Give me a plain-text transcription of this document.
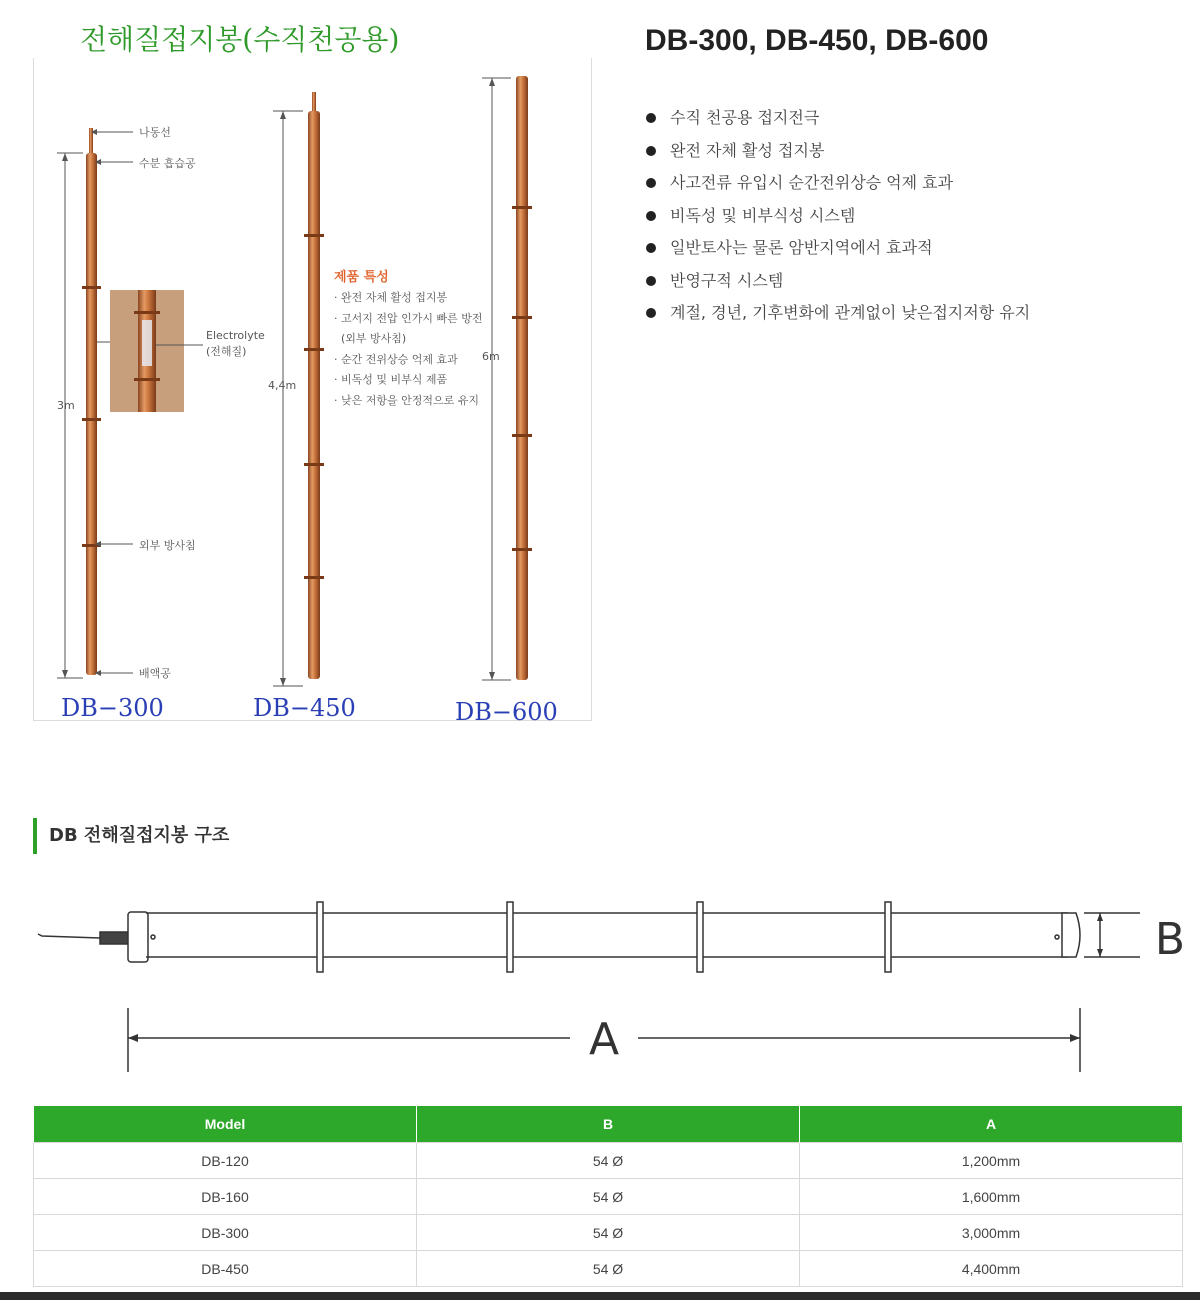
전해질접지봉(수직천공용)
나동선
수분 흡습공
Electrolyte
(전해질)
외부 방사침
배액공
3m
4,4m
6m
제품 특성
· 완전 자체 활성 접지봉
· 고서지 전압 인가시 빠른 방전
(외부 방사침)
· 순간 전위상승 억제 효과
· 비독성 및 비부식 제품
· 낮은 저항을 안정적으로 유지
DB−300	DB−450	DB−600
DB-300, DB-450, DB-600
수직 천공용 접지전극
완전 자체 활성 접지봉
사고전류 유입시 순간전위상승 억제 효과
비독성 및 비부식성 시스템
일반토사는 물론 암반지역에서 효과적
반영구적 시스템
계절, 경년, 기후변화에 관계없이 낮은접지저항 유지
DB 전해질접지봉 구조
A
B
Model	B	A
DB-120	54 Ø	1,200mm
DB-160	54 Ø	1,600mm
DB-300	54 Ø	3,000mm
DB-450	54 Ø	4,400mm
